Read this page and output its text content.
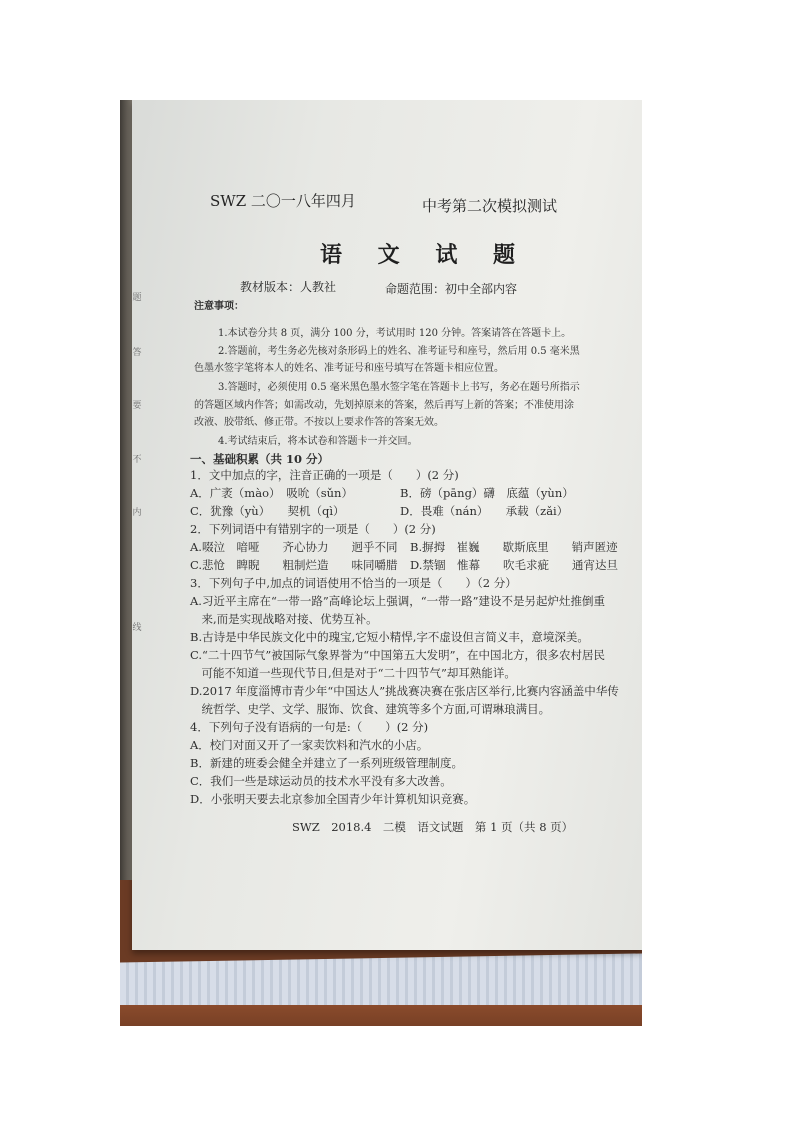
题
答
要
不
内
线
SWZ 二〇一八年四月	中考第二次模拟测试
语 文 试 题
教材版本：人教社	命题范围：初中全部内容
注意事项：
1.本试卷分共 8 页，满分 100 分，考试用时 120 分钟。答案请答在答题卡上。
2.答题前，考生务必先核对条形码上的姓名、准考证号和座号，然后用 0.5 毫米黑
色墨水签字笔将本人的姓名、准考证号和座号填写在答题卡相应位置。
3.答题时，必须使用 0.5 毫米黑色墨水签字笔在答题卡上书写，务必在题号所指示
的答题区域内作答；如需改动，先划掉原来的答案，然后再写上新的答案；不准使用涂
改液、胶带纸、修正带。不按以上要求作答的答案无效。
4.考试结束后，将本试卷和答题卡一并交回。
一、基础积累（共 10 分）
1．文中加点的字，注音正确的一项是（　　）(2 分)
A．广袤（mào）　吸吮（sǔn）	B．磅（pāng）礴　底蕴（yùn）
C．犹豫（yù）　　契机（qì）	D．畏难（nán）　　承载（zǎi）
2．下列词语中有错别字的一项是（　　）(2 分)
A.啜泣　喑哑　　齐心协力　　迥乎不同 B.摒拇　崔巍　　歇斯底里　　销声匿迹
C.悲怆　睥睨　　粗制烂造　　味同嚼腊 D.禁锢　惟幕　　吹毛求疵　　通宵达旦
3．下列句子中,加点的词语使用不恰当的一项是（　　）（2 分）
A.习近平主席在“一带一路”高峰论坛上强调，“一带一路”建设不是另起炉灶推倒重
　来,而是实现战略对接、优势互补。
B.古诗是中华民族文化中的瑰宝,它短小精悍,字不虚设但言简义丰，意境深美。
C.“二十四节气”被国际气象界誉为“中国第五大发明”，在中国北方，很多农村居民
　可能不知道一些现代节日,但是对于“二十四节气”却耳熟能详。
D.2017 年度淄博市青少年“中国达人”挑战赛决赛在张店区举行,比赛内容涵盖中华传
　统哲学、史学、文学、服饰、饮食、建筑等多个方面,可谓琳琅满目。
4．下列句子没有语病的一句是:（　　）(2 分)
A．校门对面又开了一家卖饮料和汽水的小店。
B．新建的班委会健全并建立了一系列班级管理制度。
C．我们一些是球运动员的技术水平没有多大改善。
D．小张明天要去北京参加全国青少年计算机知识竞赛。
SWZ　2018.4　二模　语文试题　第 1 页（共 8 页）
